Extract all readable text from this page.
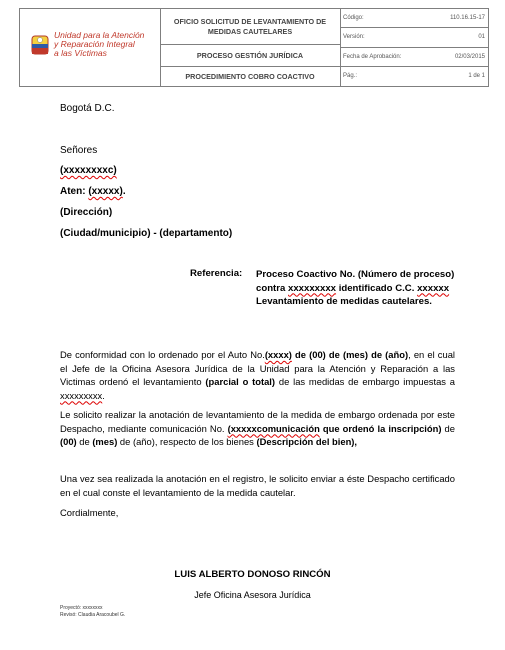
Unidad para la Atención
y Reparación Integral
a las Víctimas
OFICIO SOLICITUD DE LEVANTAMIENTO DE MEDIDAS CAUTELARES
PROCESO GESTIÓN JURÍDICA
PROCEDIMIENTO COBRO COACTIVO
Código:	110.16.15-17
Versión:	01
Fecha de Aprobación:	02/03/2015
Pág.:	1 de 1
Bogotá D.C.
Señores
(xxxxxxxxc)
Aten: (xxxxx).
(Dirección)
(Ciudad/municipio) - (departamento)
Referencia: Proceso Coactivo No. (Número de proceso) contra xxxxxxxxx identificado C.C. xxxxxx Levantamiento de medidas cautelares.
De conformidad con lo ordenado por el Auto No.(xxxx) de (00) de (mes) de (año), en el cual el Jefe de la Oficina Asesora Jurídica de la Unidad para la Atención y Reparación a las Victimas ordenó el levantamiento (parcial o total) de las medidas de embargo impuestas a xxxxxxxxx.
Le solicito realizar la anotación de levantamiento de la medida de embargo ordenada por este Despacho, mediante comunicación No. (xxxxxcomunicación que ordenó la inscripción) de (00) de (mes) de (año), respecto de los bienes (Descripción del bien),
Una vez sea realizada la anotación en el registro, le solicito enviar a éste Despacho certificado en el cual conste el levantamiento de la medida cautelar.
Cordialmente,
LUIS ALBERTO DONOSO RINCÓN
Jefe Oficina Asesora Jurídica
Proyectó: xxxxxxxx
Revisó: Claudia Aracoubel G.
